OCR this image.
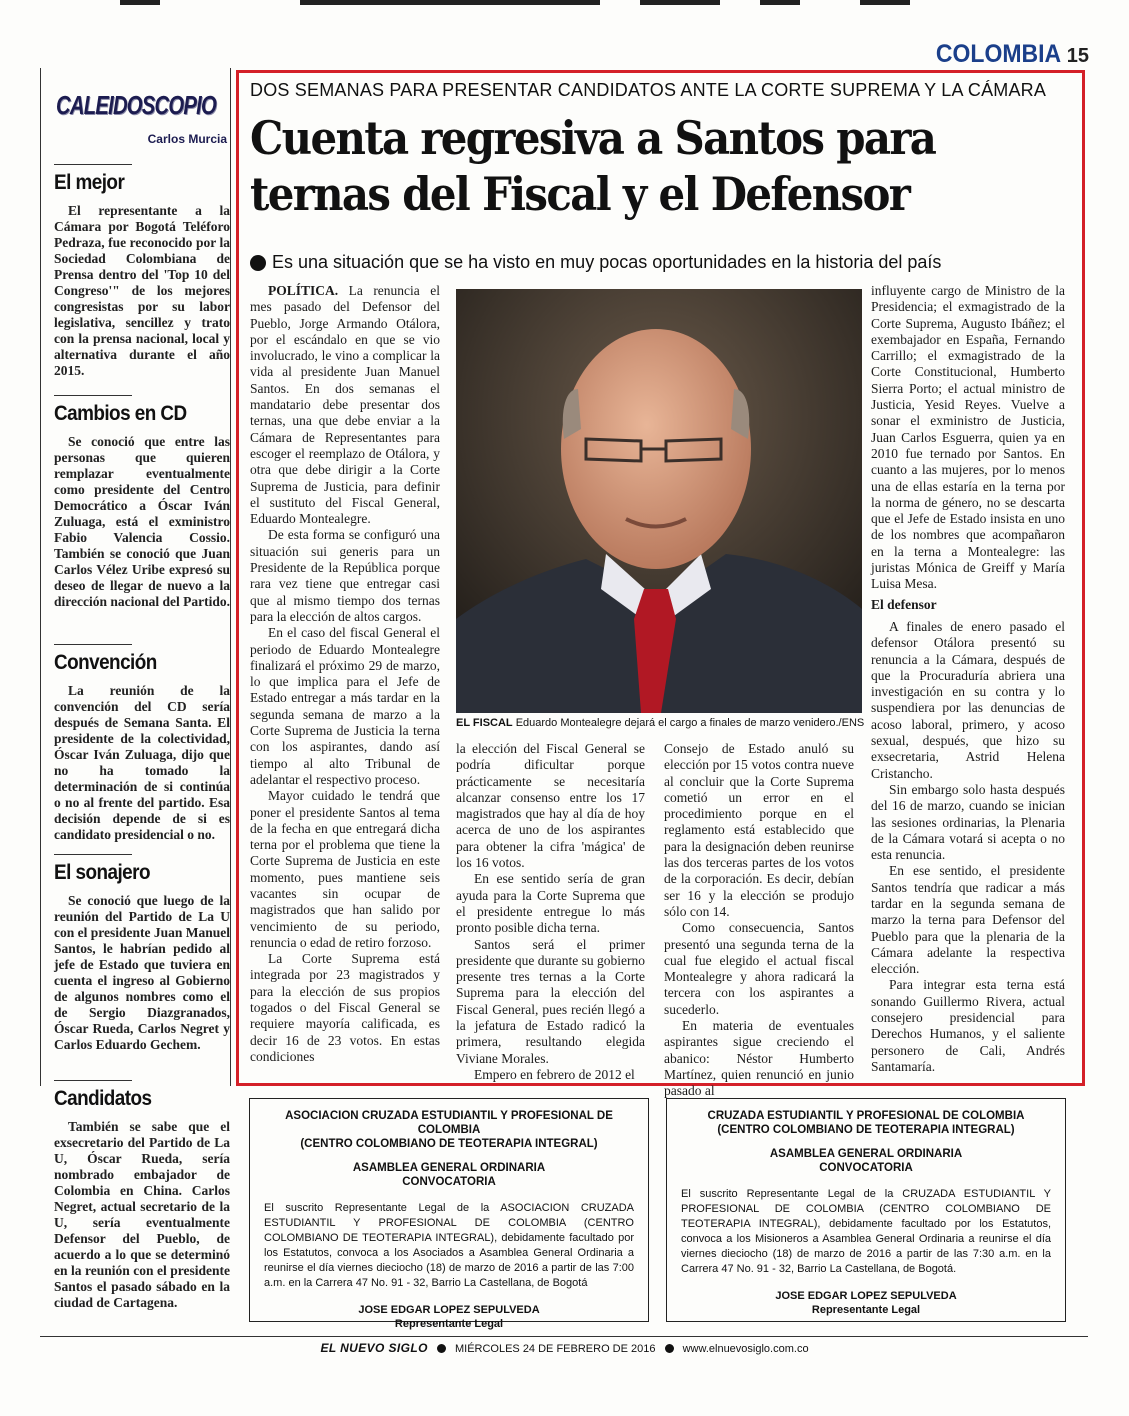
COLOMBIA 15
CALEIDOSCOPIO
Carlos Murcia
El mejor

El representante a la Cámara por Bogotá Teléforo Pedraza, fue reconocido por la Sociedad Colombiana de Prensa dentro del 'Top 10 del Congreso'" de los mejores congresistas por su labor legislativa, sencillez y trato con la prensa nacional, local y alternativa durante el año 2015.

Cambios en CD

Se conoció que entre las personas que quieren remplazar eventualmente como presidente del Centro Democrático a Óscar Iván Zuluaga, está el exministro Fabio Valencia Cossio. También se conoció que Juan Carlos Vélez Uribe expresó su deseo de llegar de nuevo a la dirección nacional del Partido.

Convención

La reunión de la convención del CD sería después de Semana Santa. El presidente de la colectividad, Óscar Iván Zuluaga, dijo que no ha tomado la determinación de si continúa o no al frente del partido. Esa decisión depende de si es candidato presidencial o no.

El sonajero

Se conoció que luego de la reunión del Partido de La U con el presidente Juan Manuel Santos, le habrían pedido al jefe de Estado que tuviera en cuenta el ingreso al Gobierno de algunos nombres como el de Sergio Diazgranados, Óscar Rueda, Carlos Negret y Carlos Eduardo Gechem.

Candidatos

También se sabe que el exsecretario del Partido de La U, Óscar Rueda, sería nombrado embajador de Colombia en China. Carlos Negret, actual secretario de la U, sería eventualmente Defensor del Pueblo, de acuerdo a lo que se determinó en la reunión con el presidente Santos el pasado sábado en la ciudad de Cartagena.

DOS SEMANAS PARA PRESENTAR CANDIDATOS ANTE LA CORTE SUPREMA Y LA CÁMARA
Cuenta regresiva a Santos para
ternas del Fiscal y el Defensor
Es una situación que se ha visto en muy pocas oportunidades en la historia del país

POLÍTICA. La renuncia el mes pasado del Defensor del Pueblo, Jorge Armando Otálora, por el escándalo en que se vio involucrado, le vino a complicar la vida al presidente Juan Manuel Santos. En dos semanas el mandatario debe presentar dos ternas, una que debe enviar a la Cámara de Representantes para escoger el reemplazo de Otálora, y otra que debe dirigir a la Corte Suprema de Justicia, para definir el sustituto del Fiscal General, Eduardo Montealegre.

De esta forma se configuró una situación sui generis para un Presidente de la República porque rara vez tiene que entregar casi que al mismo tiempo dos ternas para la elección de altos cargos.

En el caso del fiscal General el periodo de Eduardo Montealegre finalizará el próximo 29 de marzo, lo que implica para el Jefe de Estado entregar a más tardar en la segunda semana de marzo a la Corte Suprema de Justicia la terna con los aspirantes, dando así tiempo al alto Tribunal de adelantar el respectivo proceso.

Mayor cuidado le tendrá que poner el presidente Santos al tema de la fecha en que entregará dicha terna por el problema que tiene la Corte Suprema de Justicia en este momento, pues mantiene seis vacantes sin ocupar de magistrados que han salido por vencimiento de su periodo, renuncia o edad de retiro forzoso.

La Corte Suprema está integrada por 23 magistrados y para la elección de sus propios togados o del Fiscal General se requiere mayoría calificada, es decir 16 de 23 votos. En estas condiciones

EL FISCAL Eduardo Montealegre dejará el cargo a finales de marzo venidero./ENS

la elección del Fiscal General se podría dificultar porque prácticamente se necesitaría alcanzar consenso entre los 17 magistrados que hay al día de hoy acerca de uno de los aspirantes para obtener la cifra 'mágica' de los 16 votos.

En ese sentido sería de gran ayuda para la Corte Suprema que el presidente entregue lo más pronto posible dicha terna.

Santos será el primer presidente que durante su gobierno presente tres ternas a la Corte Suprema para la elección del Fiscal General, pues recién llegó a la jefatura de Estado radicó la primera, resultando elegida Viviane Morales.

Empero en febrero de 2012 el

Consejo de Estado anuló su elección por 15 votos contra nueve al concluir que la Corte Suprema cometió un error en el procedimiento porque en el reglamento está establecido que para la designación deben reunirse las dos terceras partes de los votos de la corporación. Es decir, debían ser 16 y la elección se produjo sólo con 14.

Como consecuencia, Santos presentó una segunda terna de la cual fue elegido el actual fiscal Montealegre y ahora radicará la tercera con los aspirantes a sucederlo.

En materia de eventuales aspirantes sigue creciendo el abanico: Néstor Humberto Martínez, quien renunció en junio pasado al

influyente cargo de Ministro de la Presidencia; el exmagistrado de la Corte Suprema, Augusto Ibáñez; el exembajador en España, Fernando Carrillo; el exmagistrado de la Corte Constitucional, Humberto Sierra Porto; el actual ministro de Justicia, Yesid Reyes. Vuelve a sonar el exministro de Justicia, Juan Carlos Esguerra, quien ya en 2010 fue ternado por Santos. En cuanto a las mujeres, por lo menos una de ellas estaría en la terna por la norma de género, no se descarta que el Jefe de Estado insista en uno de los nombres que acompañaron en la terna a Montealegre: las juristas Mónica de Greiff y María Luisa Mesa.

El defensor

A finales de enero pasado el defensor Otálora presentó su renuncia a la Cámara, después de que la Procuraduría abriera una investigación en su contra y lo suspendiera por las denuncias de acoso laboral, primero, y acoso sexual, después, que hizo su exsecretaria, Astrid Helena Cristancho.

Sin embargo solo hasta después del 16 de marzo, cuando se inician las sesiones ordinarias, la Plenaria de la Cámara votará si acepta o no esta renuncia.

En ese sentido, el presidente Santos tendría que radicar a más tardar en la segunda semana de marzo la terna para Defensor del Pueblo para que la plenaria de la Cámara adelante la respectiva elección.

Para integrar esta terna está sonando Guillermo Rivera, actual consejero presidencial para Derechos Humanos, y el saliente personero de Cali, Andrés Santamaría.

ASOCIACION CRUZADA ESTUDIANTIL Y PROFESIONAL DE COLOMBIA

(CENTRO COLOMBIANO DE TEOTERAPIA INTEGRAL)

ASAMBLEA GENERAL ORDINARIA

CONVOCATORIA

El suscrito Representante Legal de la ASOCIACION CRUZADA ESTUDIANTIL Y PROFESIONAL DE COLOMBIA (CENTRO COLOMBIANO DE TEOTERAPIA INTEGRAL), debidamente facultado por los Estatutos, convoca a los Asociados a Asamblea General Ordinaria a reunirse el día viernes dieciocho (18) de marzo de 2016 a partir de las 7:00 a.m. en la Carrera 47 No. 91 - 32, Barrio La Castellana, de Bogotá

JOSE EDGAR LOPEZ SEPULVEDA
Representante Legal

CRUZADA ESTUDIANTIL Y PROFESIONAL DE COLOMBIA

(CENTRO COLOMBIANO DE TEOTERAPIA INTEGRAL)

ASAMBLEA GENERAL ORDINARIA

CONVOCATORIA

El suscrito Representante Legal de la CRUZADA ESTUDIANTIL Y PROFESIONAL DE COLOMBIA (CENTRO COLOMBIANO DE TEOTERAPIA INTEGRAL), debidamente facultado por los Estatutos, convoca a los Misioneros a Asamblea General Ordinaria a reunirse el día viernes dieciocho (18) de marzo de 2016 a partir de las 7:30 a.m. en la Carrera 47 No. 91 - 32, Barrio La Castellana, de Bogotá.

JOSE EDGAR LOPEZ SEPULVEDA
Representante Legal
EL NUEVO SIGLO MIÉRCOLES 24 DE FEBRERO DE 2016 www.elnuevosiglo.com.co
